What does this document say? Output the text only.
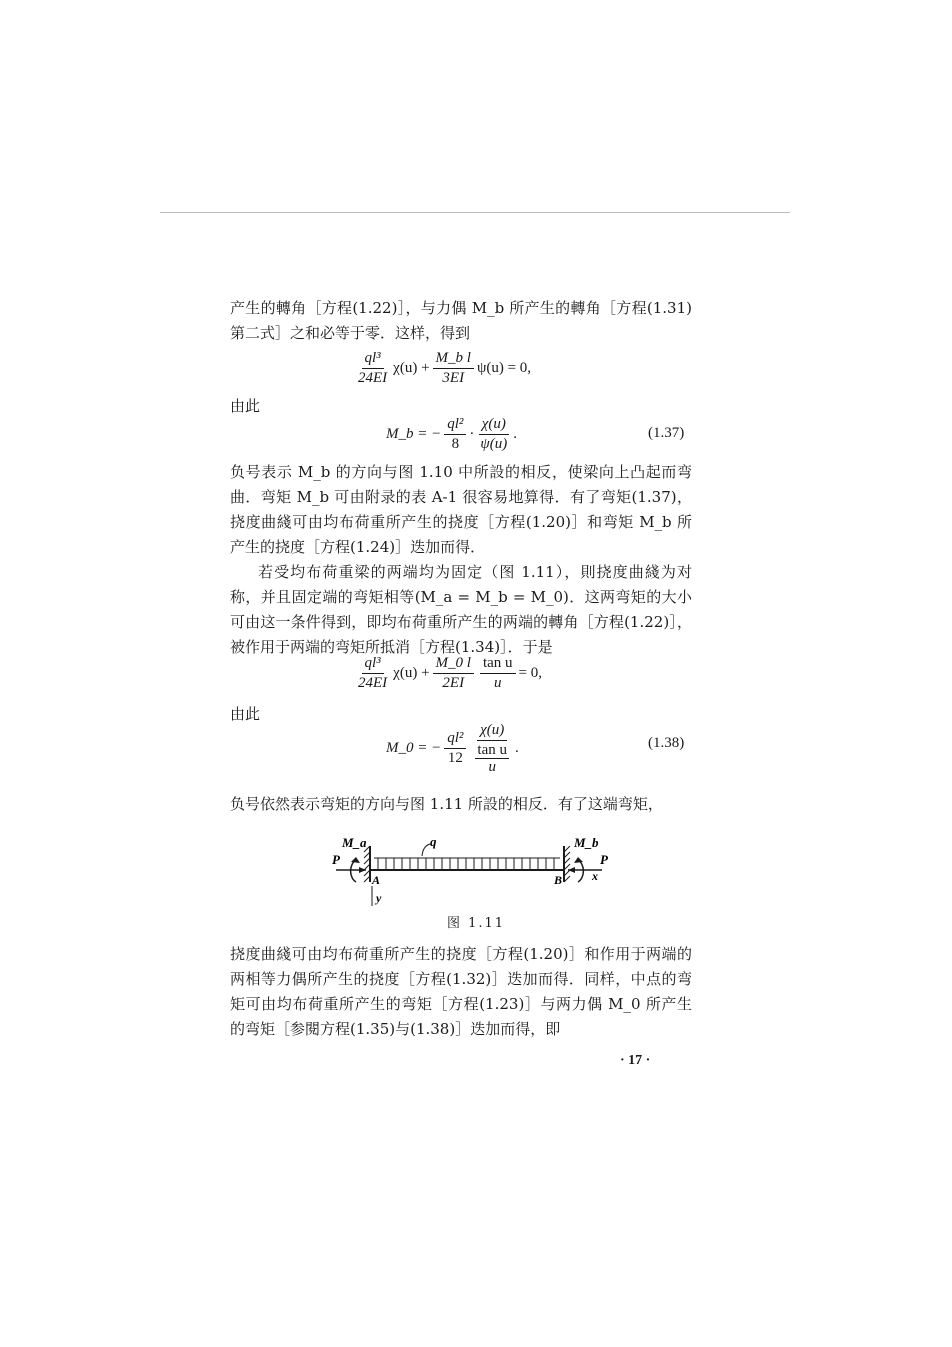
产生的轉角［方程(1.22)］，与力偶 M_b 所产生的轉角［方程(1.31)第二式］之和必等于零．这样，得到
$\frac{\text{ql³}}{24EI} \chi(u) + \frac{\text{M\_b l}}{3EI} \psi(u) = 0$,
由此
M_b = − $\frac{\text{ql²}}{8} \cdot \frac{\chi(u)}{\psi(u)}$ .	(1.37)
负号表示 M_b 的方向与图 1.10 中所設的相反，使梁向上凸起而弯曲．弯矩 M_b 可由附录的表 A-1 很容易地算得．有了弯矩(1.37)，挠度曲綫可由均布荷重所产生的挠度［方程(1.20)］和弯矩 M_b 所产生的挠度［方程(1.24)］迭加而得．
若受均布荷重梁的两端均为固定（图 1.11），則挠度曲綫为对称，并且固定端的弯矩相等(M_a = M_b = M_0)．这两弯矩的大小可由这一条件得到，即均布荷重所产生的两端的轉角［方程(1.22)］，被作用于两端的弯矩所抵消［方程(1.34)］．于是
$\frac{\text{ql³}}{24EI} \chi(u) + \frac{M\_0 l}{2EI} \frac{\text{tan u}}{u} = 0$,
由此
M_0 = − $\frac{\text{ql²}}{12} \frac{\chi(u)}{\frac{\text{tan u}}{u}}$ .	(1.38)
负号依然表示弯矩的方向与图 1.11 所設的相反．有了这端弯矩，
q
M_a
P
A
y
M_b
P
B x
图 1.11
挠度曲綫可由均布荷重所产生的挠度［方程(1.20)］和作用于两端的两相等力偶所产生的挠度［方程(1.32)］迭加而得．同样，中点的弯矩可由均布荷重所产生的弯矩［方程(1.23)］与两力偶 M_0 所产生的弯矩［参閱方程(1.35)与(1.38)］迭加而得，即
· 17 ·
